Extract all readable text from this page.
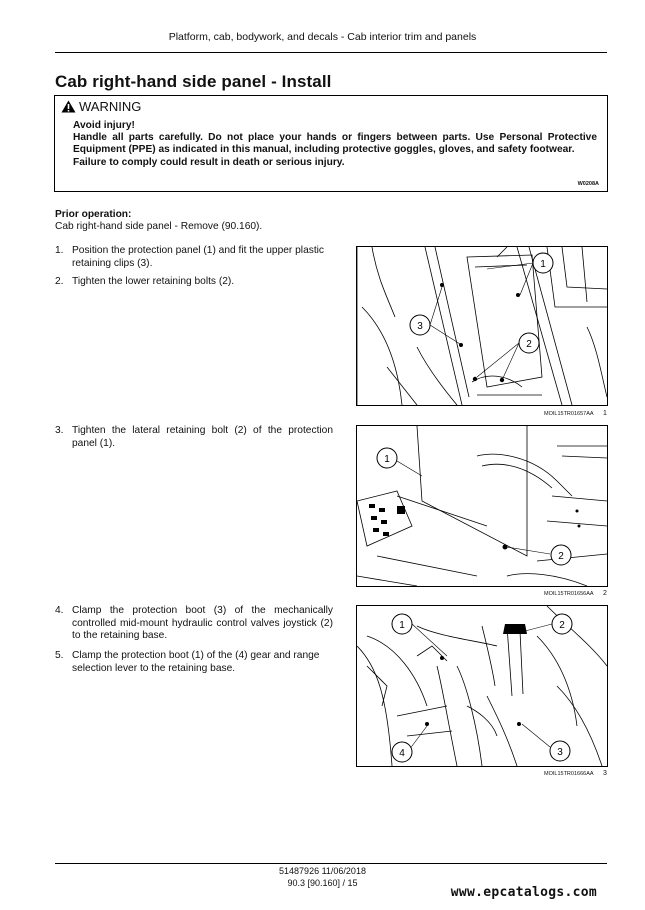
Platform, cab, bodywork, and decals - Cab interior trim and panels
Cab right-hand side panel - Install
WARNING

Avoid injury!

Handle all parts carefully. Do not place your hands or fingers between parts. Use Personal Protective Equipment (PPE) as indicated in this manual, including protective goggles, gloves, and safety footwear.

Failure to comply could result in death or serious injury.

W0208A
Prior operation:
Cab right-hand side panel - Remove (90.160).
1. Position the protection panel (1) and fit the upper plastic retaining clips (3).
2. Tighten the lower retaining bolts (2).
3. Tighten the lateral retaining bolt (2) of the protection panel (1).
4. Clamp the protection boot (3) of the mechanically controlled mid-mount hydraulic control valves joystick (2) to the retaining base.
5. Clamp the protection boot (1) of the (4) gear and range selection lever to the retaining base.
1
2
3
MOIL15TR01657AA 1
1
2
MOIL15TR01656AA 2
1	2
3
4
MOIL15TR01666AA 3
51487926 11/06/2018
90.3 [90.160] / 15
www.epcatalogs.com
